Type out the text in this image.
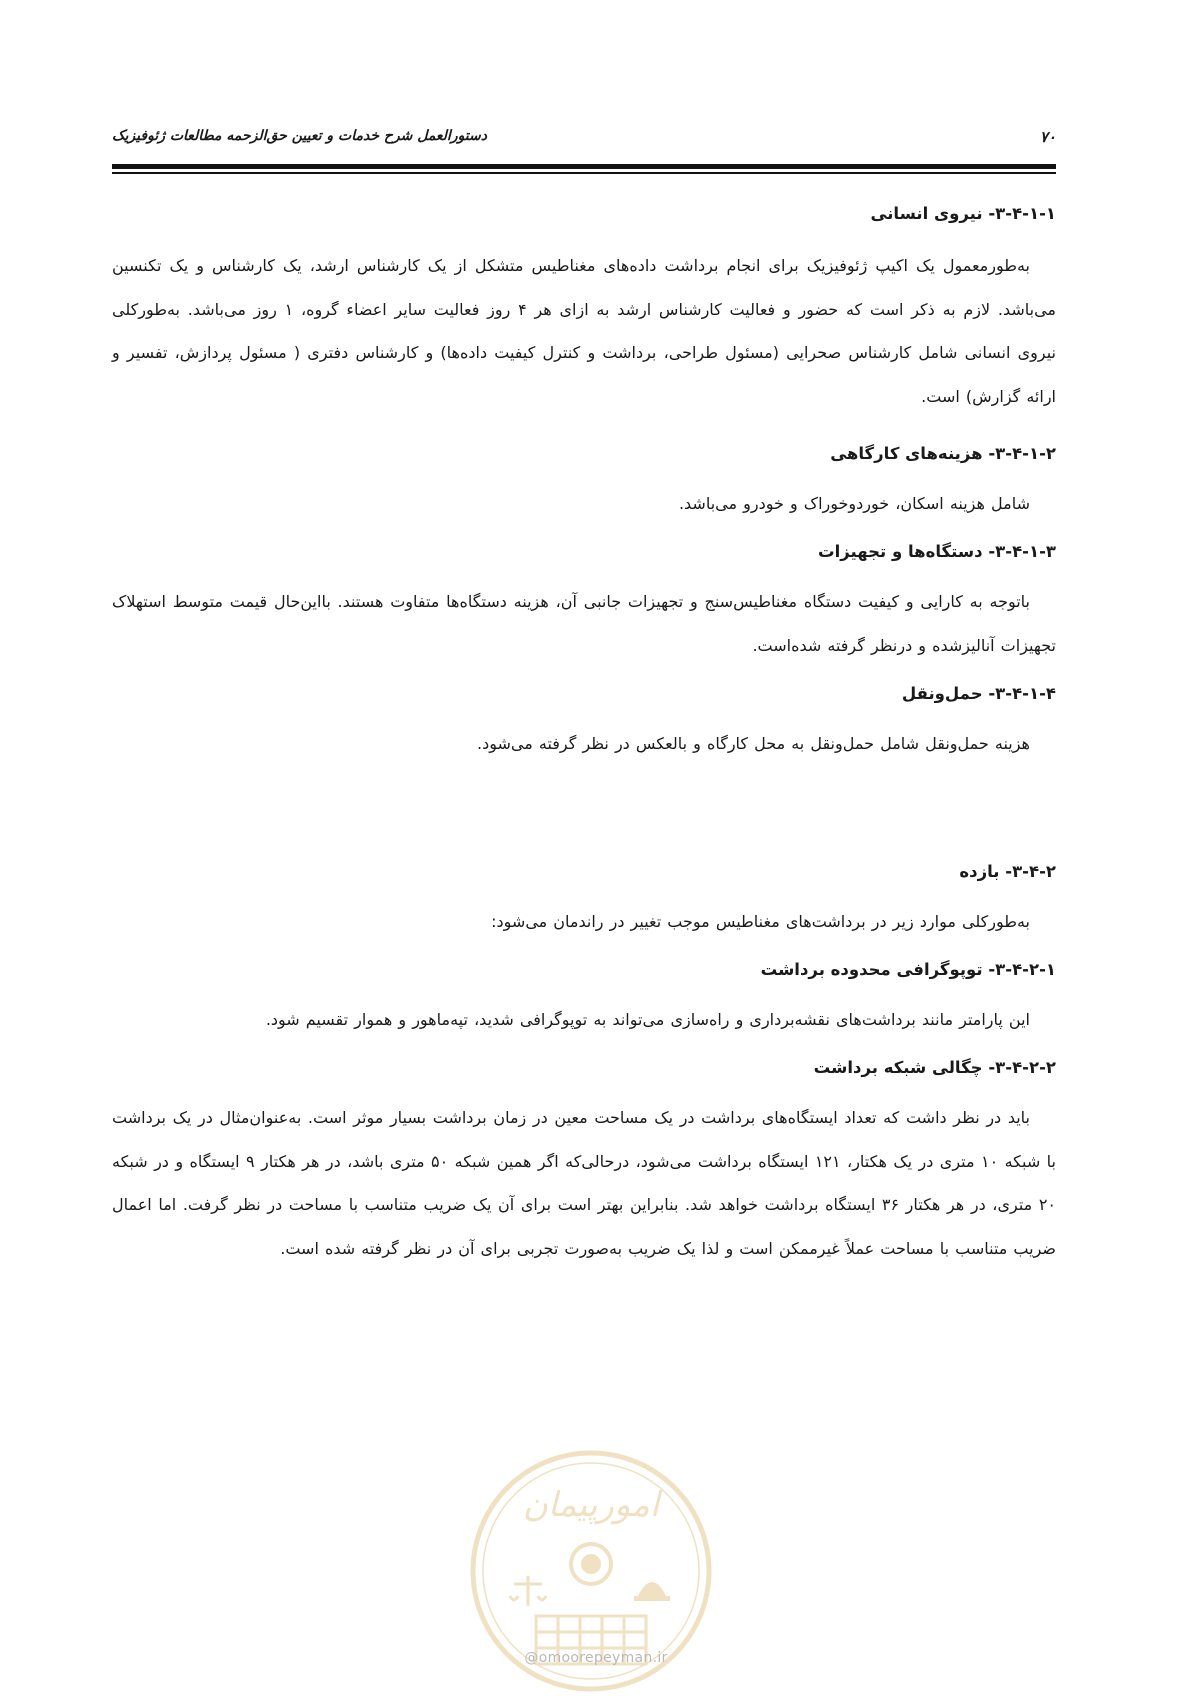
۷۰
دستورالعمل شرح خدمات و تعیین حق‌الزحمه مطالعات ژئوفیزیک
۳-۴-۱-۱- نیروی انسانی

به‌طورمعمول یک اکیپ ژئوفیزیک برای انجام برداشت داده‌های مغناطیس متشکل از یک کارشناس ارشد، یک کارشناس و یک تکنسین می‌باشد. لازم به ذکر است که حضور و فعالیت کارشناس ارشد به ازای هر ۴ روز فعالیت سایر اعضاء گروه، ۱ روز می‌باشد. به‌طورکلی نیروی انسانی شامل کارشناس صحرایی (مسئول طراحی، برداشت و کنترل کیفیت داده‌ها) و کارشناس دفتری ( مسئول پردازش، تفسیر و ارائه گزارش) است.

۳-۴-۱-۲- هزینه‌های کارگاهی

شامل هزینه اسکان، خوردوخوراک و خودرو می‌باشد.

۳-۴-۱-۳- دستگاه‌ها و تجهیزات

باتوجه به کارایی و کیفیت دستگاه مغناطیس‌سنج و تجهیزات جانبی آن، هزینه دستگاه‌ها متفاوت هستند. بااین‌حال قیمت متوسط استهلاک تجهیزات آنالیزشده و درنظر گرفته شده‌است.

۳-۴-۱-۴- حمل‌ونقل

هزینه حمل‌ونقل شامل حمل‌ونقل به محل کارگاه و بالعکس در نظر گرفته می‌شود.

۳-۴-۲- بازده

به‌طورکلی موارد زیر در برداشت‌های مغناطیس موجب تغییر در راندمان می‌شود:

۳-۴-۲-۱- توپوگرافی محدوده برداشت

این پارامتر مانند برداشت‌های نقشه‌برداری و راه‌سازی می‌تواند به توپوگرافی شدید، تپه‌ماهور و هموار تقسیم شود.

۳-۴-۲-۲- چگالی شبکه برداشت

باید در نظر داشت که تعداد ایستگاه‌های برداشت در یک مساحت معین در زمان برداشت بسیار موثر است. به‌عنوان‌مثال در یک برداشت با شبکه ۱۰ متری در یک هکتار، ۱۲۱ ایستگاه برداشت می‌شود، درحالی‌که اگر همین شبکه ۵۰ متری باشد، در هر هکتار ۹ ایستگاه و در شبکه ۲۰ متری، در هر هکتار ۳۶ ایستگاه برداشت خواهد شد. بنابراین بهتر است برای آن یک ضریب متناسب با مساحت در نظر گرفت. اما اعمال ضریب متناسب با مساحت عملاً غیرممکن است و لذا یک ضریب به‌صورت تجربی برای آن در نظر گرفته شده است.

امورپیمان
@omoorepeyman.ir
